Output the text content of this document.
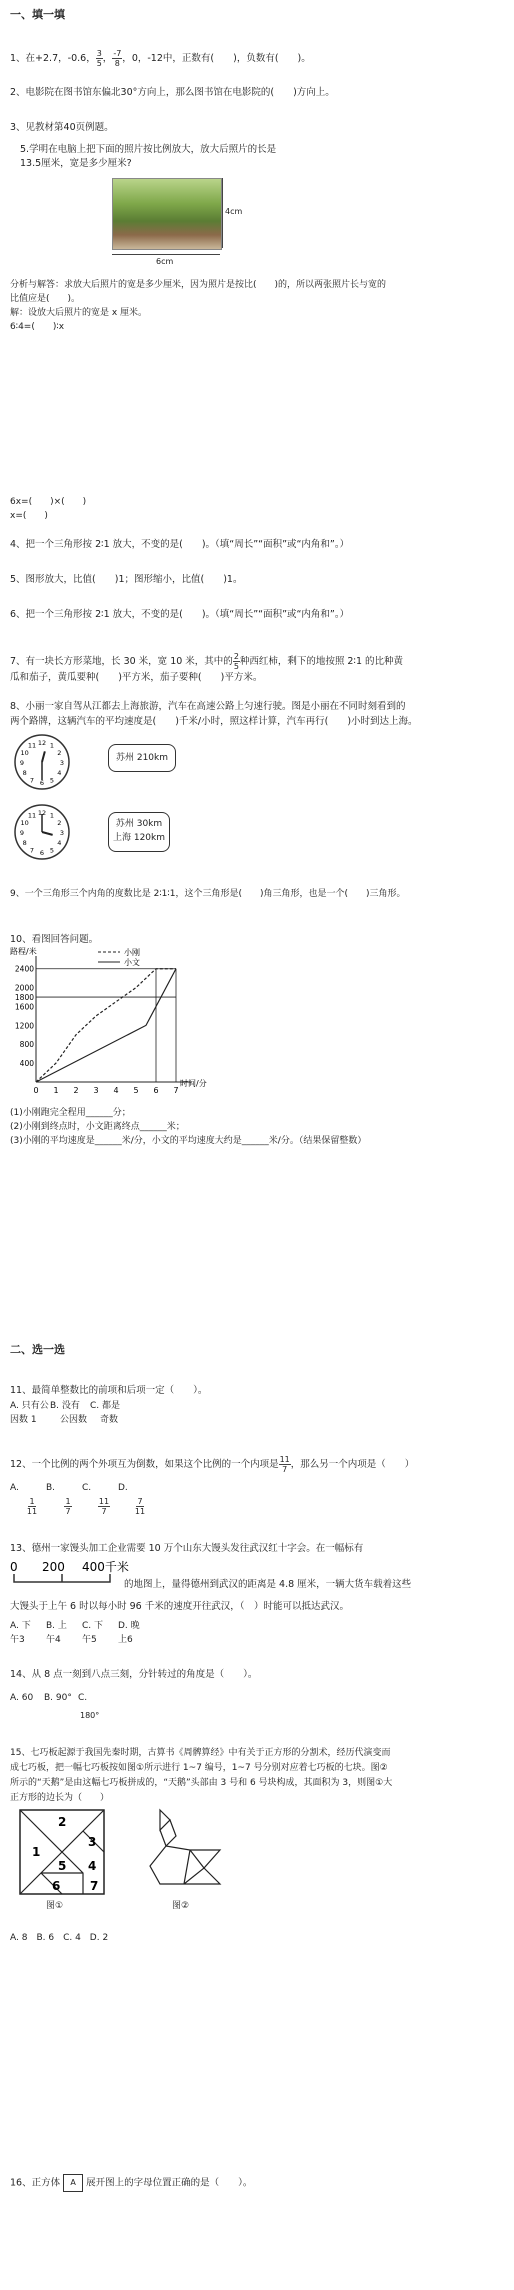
一、填一填
1、在+2.7，-0.6， $\frac{3}{5}$ ， $\frac{-7}{8}$ ，0，-12中，正数有(　　)，负数有(　　)。
2、电影院在图书馆东偏北30°方向上，那么图书馆在电影院的(　　)方向上。
3、见教材第40页例题。
5.学明在电脑上把下面的照片按比例放大，放大后照片的长是
13.5厘米，宽是多少厘米?
4cm
6cm
分析与解答：求放大后照片的宽是多少厘米，因为照片是按比(　　)的，所以两张照片长与宽的
比值应是(　　)。
解：设放大后照片的宽是 x 厘米。
6∶4=(　　)∶x
6x=(　　)×(　　)
x=(　　)
4、把一个三角形按 2∶1 放大，不变的是(　　)。（填“周长”“面积”或“内角和”。）
5、图形放大，比值(　　)1；图形缩小，比值(　　)1。
6、把一个三角形按 2∶1 放大，不变的是(　　)。（填“周长”“面积”或“内角和”。）
7、有一块长方形菜地，长 30 米，宽 10 米，其中的 $\frac{2}{5}$ 种西红柿，剩下的地按照 2∶1 的比种黄
瓜和茄子，黄瓜要种(　　)平方米，茄子要种(　　)平方米。
8、小丽一家自驾从江都去上海旅游，汽车在高速公路上匀速行驶。图是小丽在不同时刻看到的
两个路牌，这辆汽车的平均速度是(　　)千米/小时，照这样计算，汽车再行(　　)小时到达上海。
12 1
2
3
4
5
6
7
8
9
10
11
苏州 210km
12 1
2
3
4
5
6
7
8
9
10
11
苏州 30km
上海 120km
9、一个三角形三个内角的度数比是 2∶1∶1，这个三角形是(　　)角三角形，也是一个(　　)三角形。
10、看图回答问题。
路程/米
时间/分
0 1 2 3 4 5 6 7
400
800
1200
1600
2000
2400
1800
小刚
小文
(1)小刚跑完全程用______分；
(2)小刚到终点时，小文距离终点______米；
(3)小刚的平均速度是______米/分，小文的平均速度大约是______米/分。（结果保留整数）
二、选一选
11、最简单整数比的前项和后项一定（　　）。
A. 只有公B. 没有 C. 都是
因数 1	公因数 奇数
12、一个比例的两个外项互为倒数，如果这个比例的一个内项是 $\frac{11}{7}$ ，那么另一个内项是（　　）
A.	B.	C.	D.
$\frac{1}{11} \frac{1}{7} \frac{11}{7} \frac{7}{11}$
13、德州一家馒头加工企业需要 10 万个山东大馒头发往武汉红十字会。在一幅标有
0 200 400千米
的地图上，量得德州到武汉的距离是 4.8 厘米，一辆大货车载着这些
大馒头于上午 6 时以每小时 96 千米的速度开往武汉，（　）时能可以抵达武汉。
A. 下 B. 上 C. 下 D. 晚
午3 午4 午5 上6
14、从 8 点一刻到八点三刻，分针转过的角度是（　　）。
A. 60 B. 90° C.
180°
15、七巧板起源于我国先秦时期，古算书《周髀算经》中有关于正方形的分割术，经历代演变而
成七巧板，把一幅七巧板按如图①所示进行 1~7 编号，1~7 号分别对应着七巧板的七块。图②
所示的“天鹅”是由这幅七巧板拼成的，“天鹅”头部由 3 号和 6 号块构成，其面积为 3，则图①大
正方形的边长为（　　）
1
2
3
4
5
6 7
图①	图②
A. 8　B. 6　C. 4　D. 2
16、正方体 A 展开图上的字母位置正确的是（　　）。
